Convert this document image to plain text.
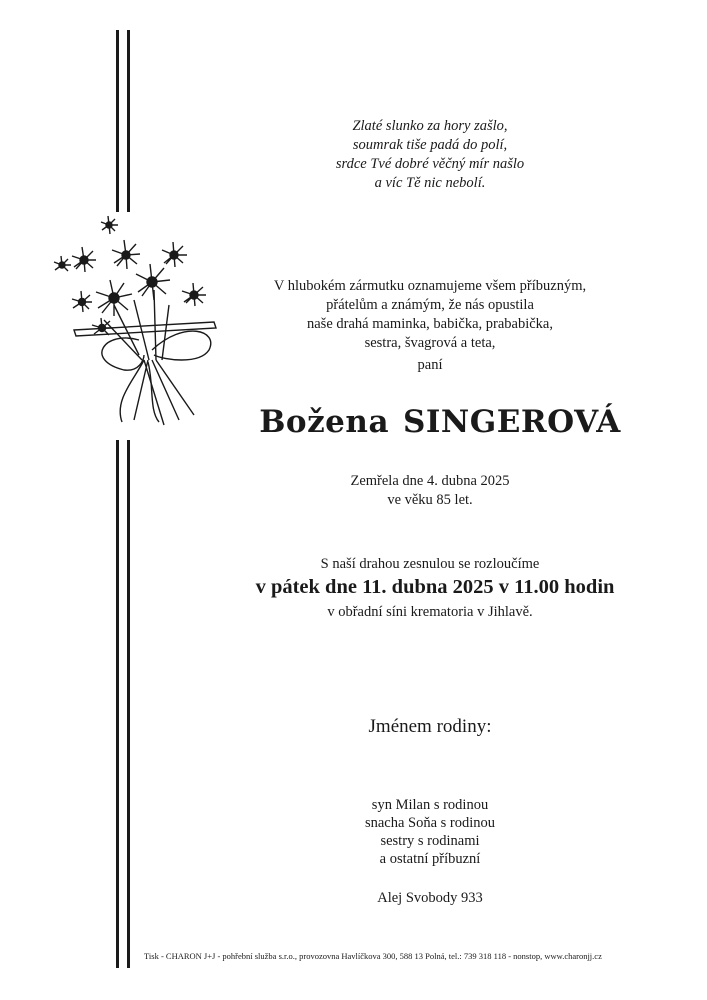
Zlaté slunko za hory zašlo,
soumrak tiše padá do polí,
srdce Tvé dobré věčný mír našlo
a víc Tě nic nebolí.
V hlubokém zármutku oznamujeme všem příbuzným,
přátelům a známým, že nás opustila
naše drahá maminka, babička, prababička,
sestra, švagrová a teta,
paní
Božena SINGEROVÁ
Zemřela dne 4. dubna 2025
ve věku 85 let.
S naší drahou zesnulou se rozloučíme
v pátek dne 11. dubna 2025 v 11.00 hodin
v obřadní síni krematoria v Jihlavě.
Jménem rodiny:
syn Milan s rodinou
snacha Soňa s rodinou
sestry s rodinami
a ostatní příbuzní
Alej Svobody 933
Tisk - CHARON J+J - pohřební služba s.r.o., provozovna Havlíčkova 300, 588 13 Polná, tel.: 739 318 118 - nonstop, www.charonjj.cz
